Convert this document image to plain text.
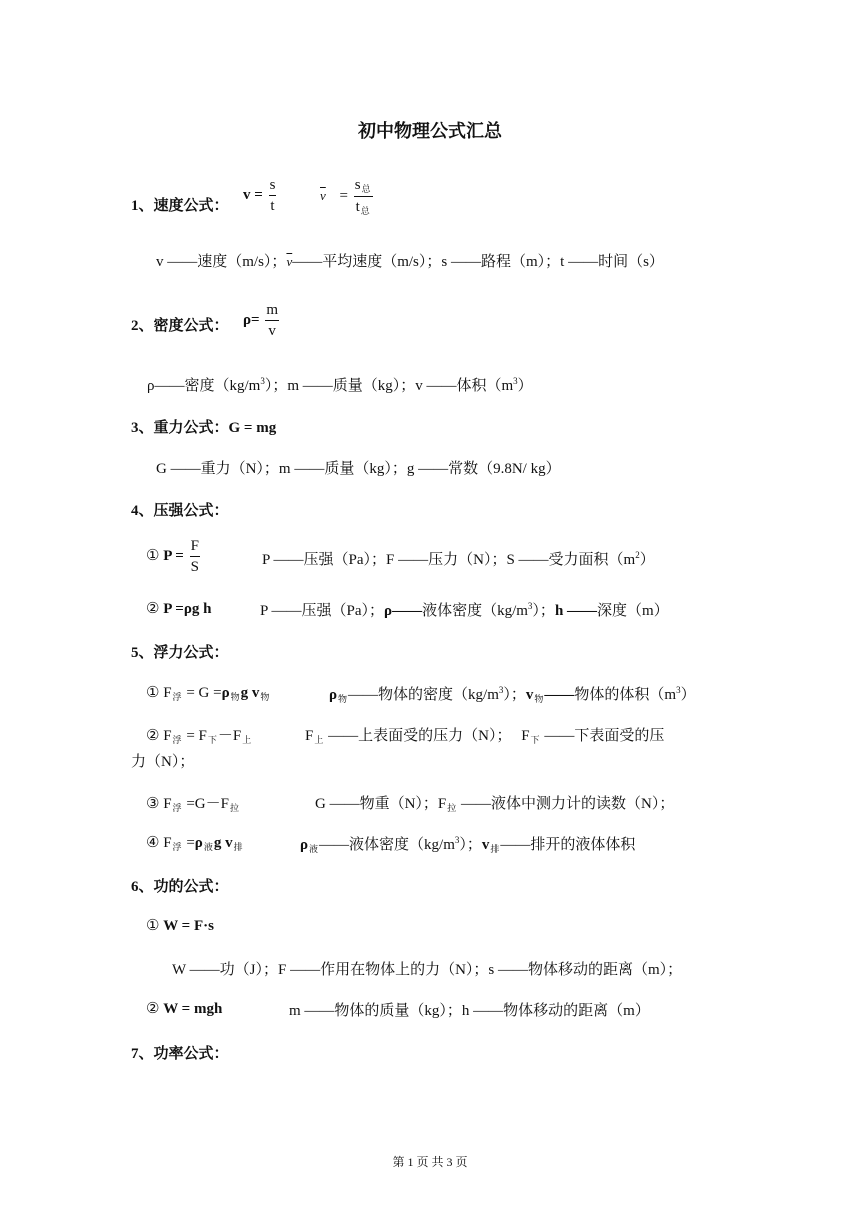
初中物理公式汇总
1、速度公式：
$v = \frac{s}{t}$	$\overline{v} = \frac{s_总}{t_总}$
v ——速度（m/s）；$\overline{v}——$平均速度（m/s）；s ——路程（m）；t ——时间（s）
2、密度公式： $\rho= \frac{m}{v}$
ρ——密度$(kg/m^3)$；m ——质量（kg）；v ——体积$(m^3)$
3、重力公式：G = mg
G ——重力（N）；m ——质量（kg）；g ——常数（9.8N/ kg）
4、压强公式：
① $P = \frac{F}{S}$	P ——压强（Pa）；F ——压力（N）；S ——受力面积$(m^2)$
② P =ρg h	P ——压强（Pa）；ρ——液体密度$(kg/m^3)$；h ——深度（m）
5、浮力公式：
① $F_浮 = G =\rho_物g$ $v_物$	$\rho_物——$物体的密度$(kg/m^3)$；$v_物——$物体的体积$(m^3)$
② $F_浮 = F_下-F_上$	$F_上$ ——上表面受的压力（N）； $F_下$ ——下表面受的压
力（N）；
③ $F_浮 =G-F_拉$	G ——物重（N）；$F_拉$ ——液体中测力计的读数（N）；
④ $F_浮 =\rho_液g$ $v_排$	$\rho_液——$液体密度$(kg/m^3)$；$v_排——$排开的液体体积
6、功的公式：
① W = F·s
W ——功（J）；F ——作用在物体上的力（N）；s ——物体移动的距离（m）；
② W = mgh	m ——物体的质量（kg）；h ——物体移动的距离（m）
7、功率公式：
第 1 页 共 3 页
